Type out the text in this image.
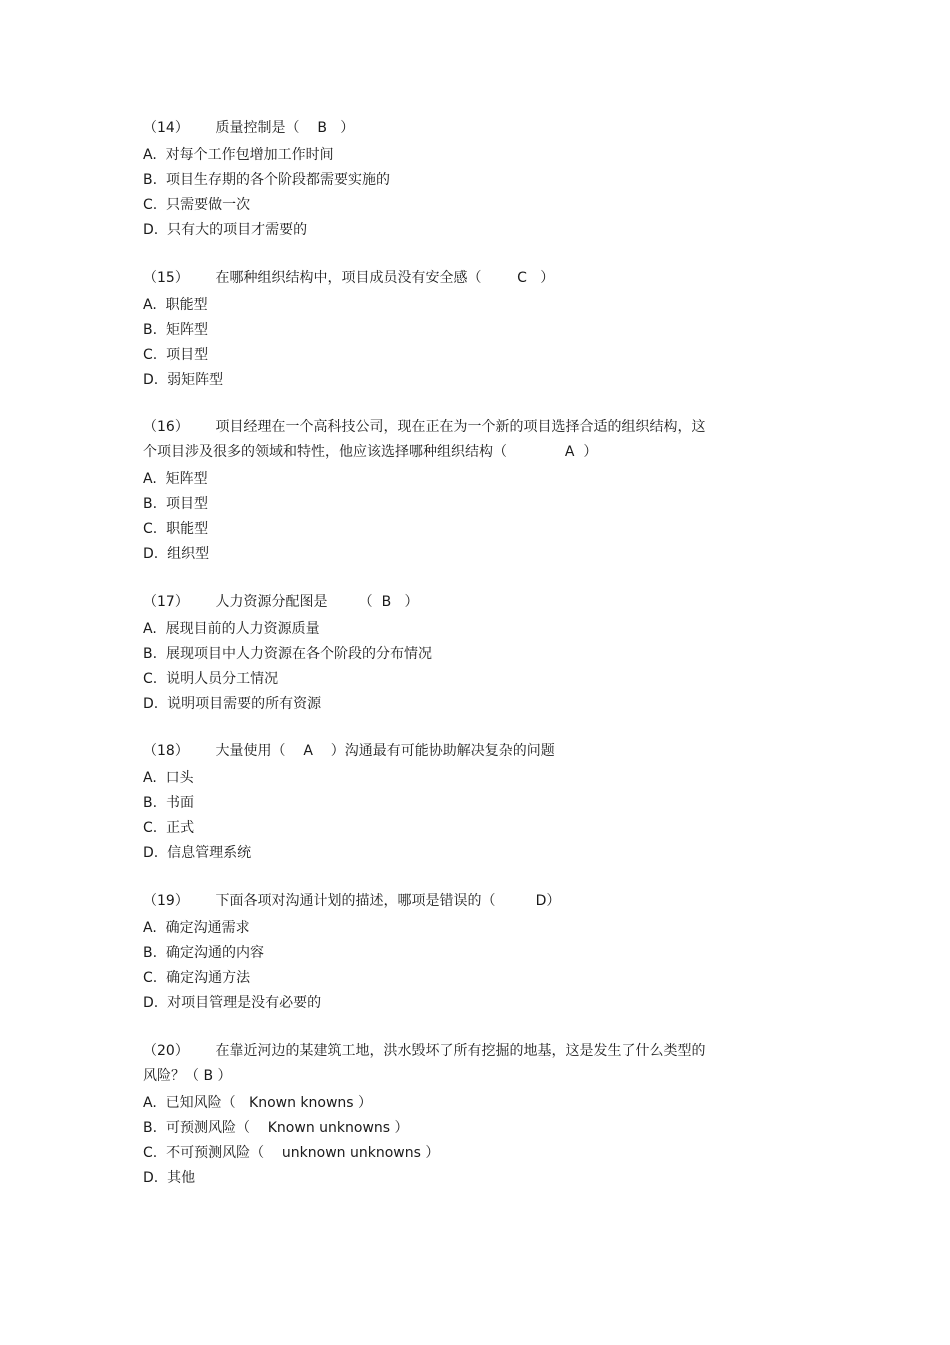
（14）      质量控制是（    B   ）
A.  对每个工作包增加工作时间
B.  项目生存期的各个阶段都需要实施的
C.  只需要做一次
D.  只有大的项目才需要的
（15）      在哪种组织结构中，项目成员没有安全感（        C   ）
A.  职能型
B.  矩阵型
C.  项目型
D.  弱矩阵型
（16）      项目经理在一个高科技公司，现在正在为一个新的项目选择合适的组织结构，这
个项目涉及很多的领域和特性，他应该选择哪种组织结构（             A  ）
A.  矩阵型
B.  项目型
C.  职能型
D.  组织型
（17）      人力资源分配图是       （  B   ）
A.  展现目前的人力资源质量
B.  展现项目中人力资源在各个阶段的分布情况
C.  说明人员分工情况
D.  说明项目需要的所有资源
（18）      大量使用（    A    ）沟通最有可能协助解决复杂的问题
A.  口头
B.  书面
C.  正式
D.  信息管理系统
（19）      下面各项对沟通计划的描述，哪项是错误的（         D）
A.  确定沟通需求
B.  确定沟通的内容
C.  确定沟通方法
D.  对项目管理是没有必要的
（20）      在靠近河边的某建筑工地，洪水毁坏了所有挖掘的地基，这是发生了什么类型的
风险？（ B ）
A.  已知风险（   Known knowns ）
B.  可预测风险（    Known unknowns ）
C.  不可预测风险（    unknown unknowns ）
D.  其他
